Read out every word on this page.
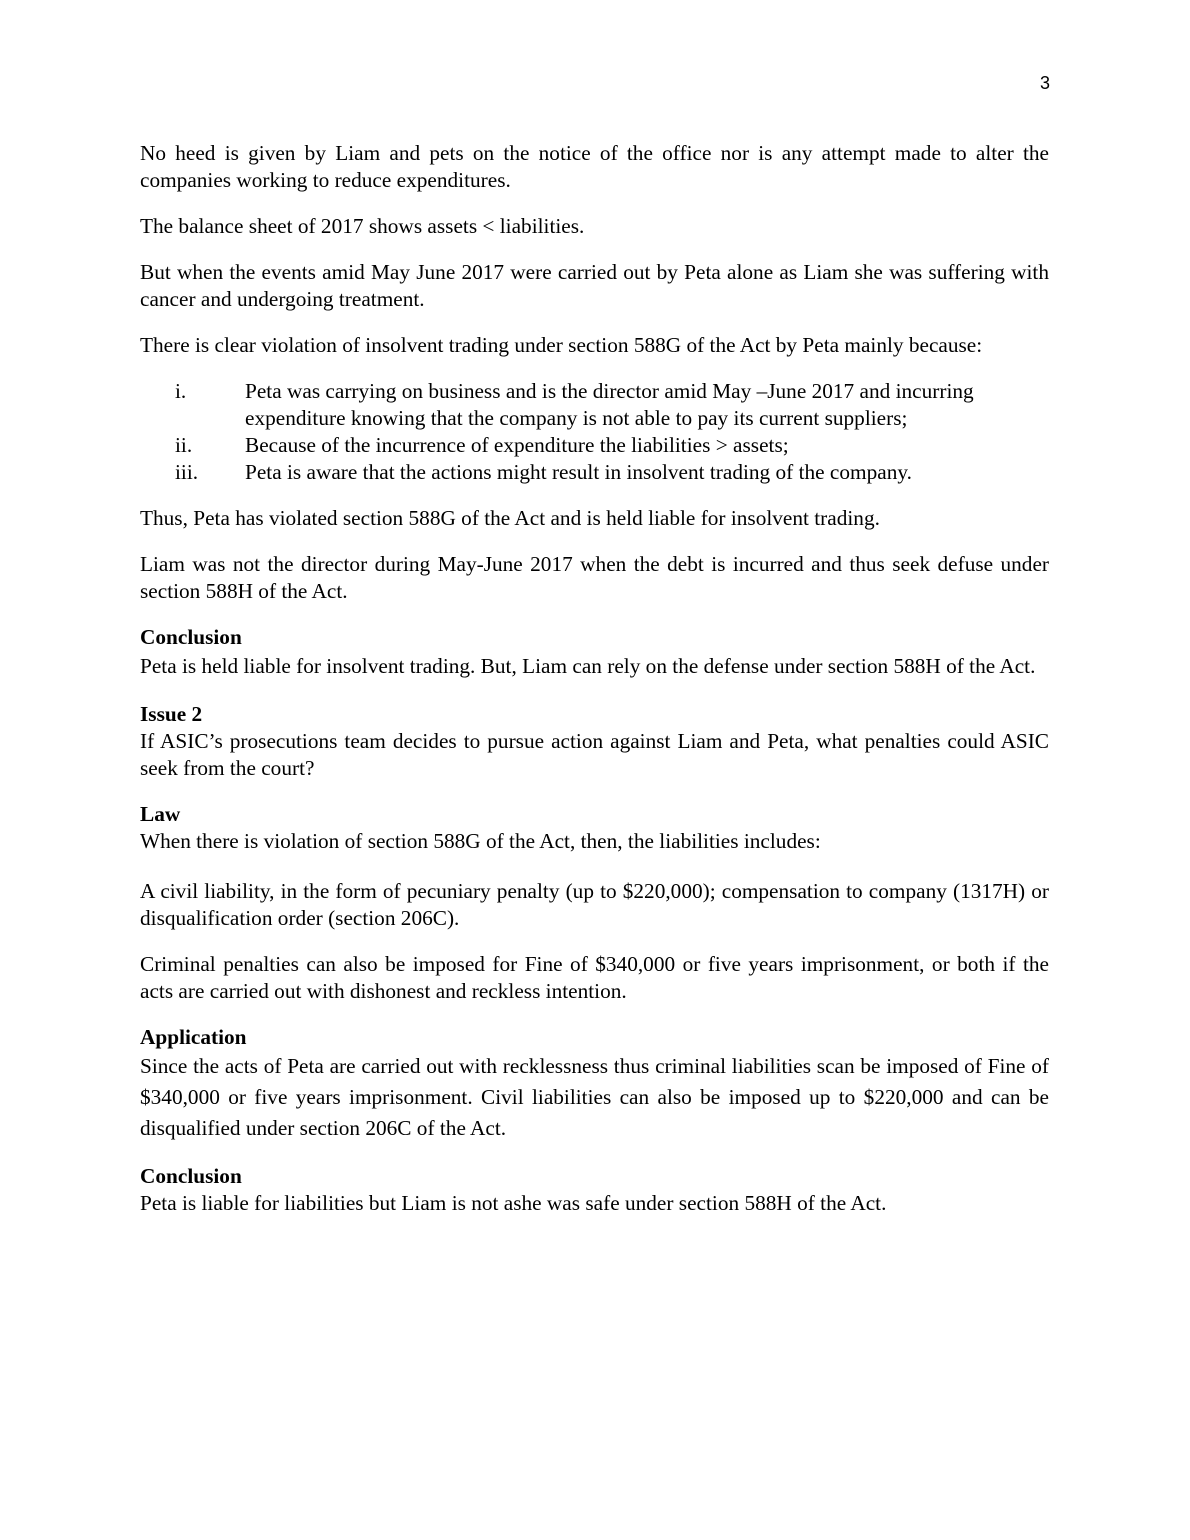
3

No heed is given by Liam and pets on the notice of the office nor is any attempt made to alter the companies working to reduce expenditures.

The balance sheet of 2017 shows assets < liabilities.

But when the events amid May June 2017 were carried out by Peta alone as Liam she was suffering with cancer and undergoing treatment.

There is clear violation of insolvent trading under section 588G of the Act by Peta mainly because:

i.	Peta was carrying on business and is the director amid May –June 2017 and incurring expenditure knowing that the company is not able to pay its current suppliers;
ii.	Because of the incurrence of expenditure the liabilities > assets;
iii.	Peta is aware that the actions might result in insolvent trading of the company.

Thus, Peta has violated section 588G of the Act and is held liable for insolvent trading.

Liam was not the director during May-June 2017 when the debt is incurred and thus seek defuse under section 588H of the Act.

Conclusion

Peta is held liable for insolvent trading. But, Liam can rely on the defense under section 588H of the Act.

Issue 2

If ASIC’s prosecutions team decides to pursue action against Liam and Peta, what penalties could ASIC seek from the court?

Law

When there is violation of section 588G of the Act, then, the liabilities includes:

A civil liability, in the form of pecuniary penalty (up to $220,000); compensation to company (1317H) or disqualification order (section 206C).

Criminal penalties can also be imposed for Fine of $340,000 or five years imprisonment, or both if the acts are carried out with dishonest and reckless intention.

Application

Since the acts of Peta are carried out with recklessness thus criminal liabilities scan be imposed of Fine of $340,000 or five years imprisonment. Civil liabilities can also be imposed up to $220,000 and can be disqualified under section 206C of the Act.

Conclusion

Peta is liable for liabilities but Liam is not ashe was safe under section 588H of the Act.
